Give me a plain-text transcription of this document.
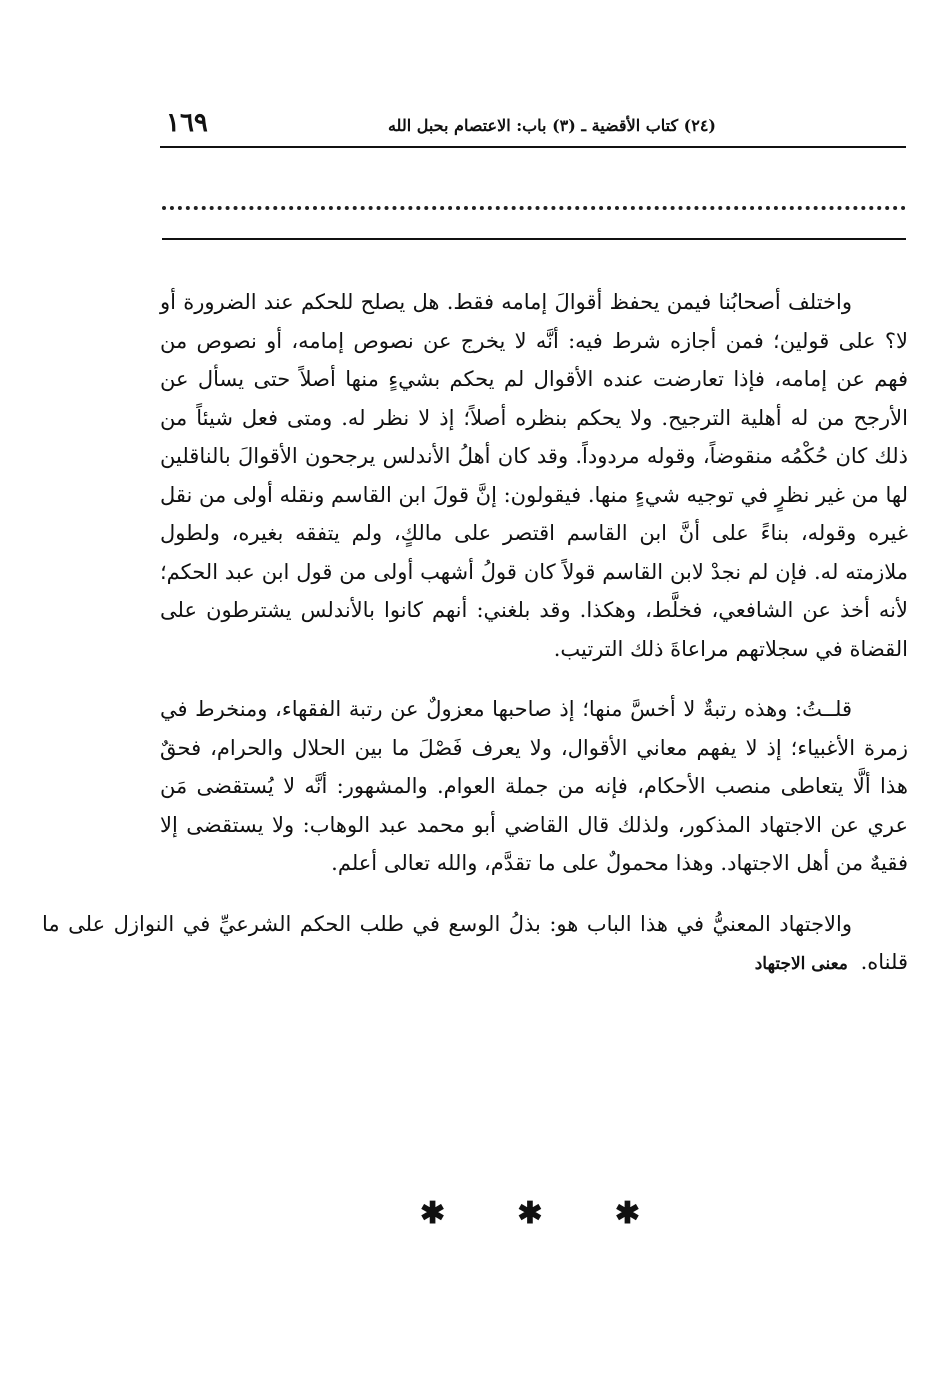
١٦٩	(٢٤) كتاب الأقضية ـ (٣) باب: الاعتصام بحبل الله

واختلف أصحابُنا فيمن يحفظ أقوالَ إمامه فقط. هل يصلح للحكم عند الضرورة أو لا؟ على قولين؛ فمن أجازه شرط فيه: أنَّه لا يخرج عن نصوص إمامه، أو نصوص من فهم عن إمامه، فإذا تعارضت عنده الأقوال لم يحكم بشيءٍ منها أصلاً حتى يسأل عن الأرجح من له أهلية الترجيح. ولا يحكم بنظره أصلاً؛ إذ لا نظر له. ومتى فعل شيئاً من ذلك كان حُكْمُه منقوضاً، وقوله مردوداً. وقد كان أهلُ الأندلس يرجحون الأقوالَ بالناقلين لها من غير نظرٍ في توجيه شيءٍ منها. فيقولون: إنَّ قولَ ابن القاسم ونقله أولى من نقل غيره وقوله، بناءً على أنَّ ابن القاسم اقتصر على مالكٍ، ولم يتفقه بغيره، ولطول ملازمته له. فإن لم نجدْ لابن القاسم قولاً كان قولُ أشهب أولى من قول ابن عبد الحكم؛ لأنه أخذ عن الشافعي، فخلَّط، وهكذا. وقد بلغني: أنهم كانوا بالأندلس يشترطون على القضاة في سجلاتهم مراعاةَ ذلك الترتيب.

قلــتُ: وهذه رتبةٌ لا أخسَّ منها؛ إذ صاحبها معزولٌ عن رتبة الفقهاء، ومنخرط في زمرة الأغبياء؛ إذ لا يفهم معاني الأقوال، ولا يعرف فَصْلَ ما بين الحلال والحرام، فحقٌ هذا ألَّا يتعاطى منصب الأحكام، فإنه من جملة العوام. والمشهور: أنَّه لا يُستقضى مَن عري عن الاجتهاد المذكور، ولذلك قال القاضي أبو محمد عبد الوهاب: ولا يستقضى إلا فقيهٌ من أهل الاجتهاد. وهذا محمولٌ على ما تقدَّم، والله تعالى أعلم.

والاجتهاد المعنيُّ في هذا الباب هو: بذلُ الوسع في طلب الحكم الشرعيِّ في النوازل على ما قلناه. معنى الاجتهاد

✱ ✱ ✱
